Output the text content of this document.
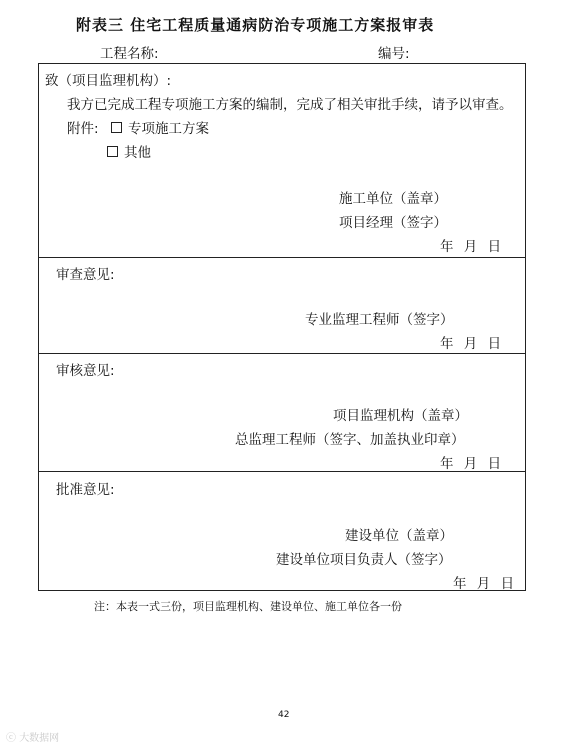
附表三 住宅工程质量通病防治专项施工方案报审表
工程名称:	编号:
致（项目监理机构）:
我方已完成工程专项施工方案的编制，完成了相关审批手续，请予以审查。
附件:	专项施工方案
其他
施工单位（盖章）
项目经理（签字）
年 月 日
审查意见:
专业监理工程师（签字）
年 月 日
审核意见:
项目监理机构（盖章）
总监理工程师（签字、加盖执业印章）
年 月 日
批准意见:
建设单位（盖章）
建设单位项目负责人（签字）
年 月 日
注：本表一式三份，项目监理机构、建设单位、施工单位各一份
42
ⓒ 大数据网
